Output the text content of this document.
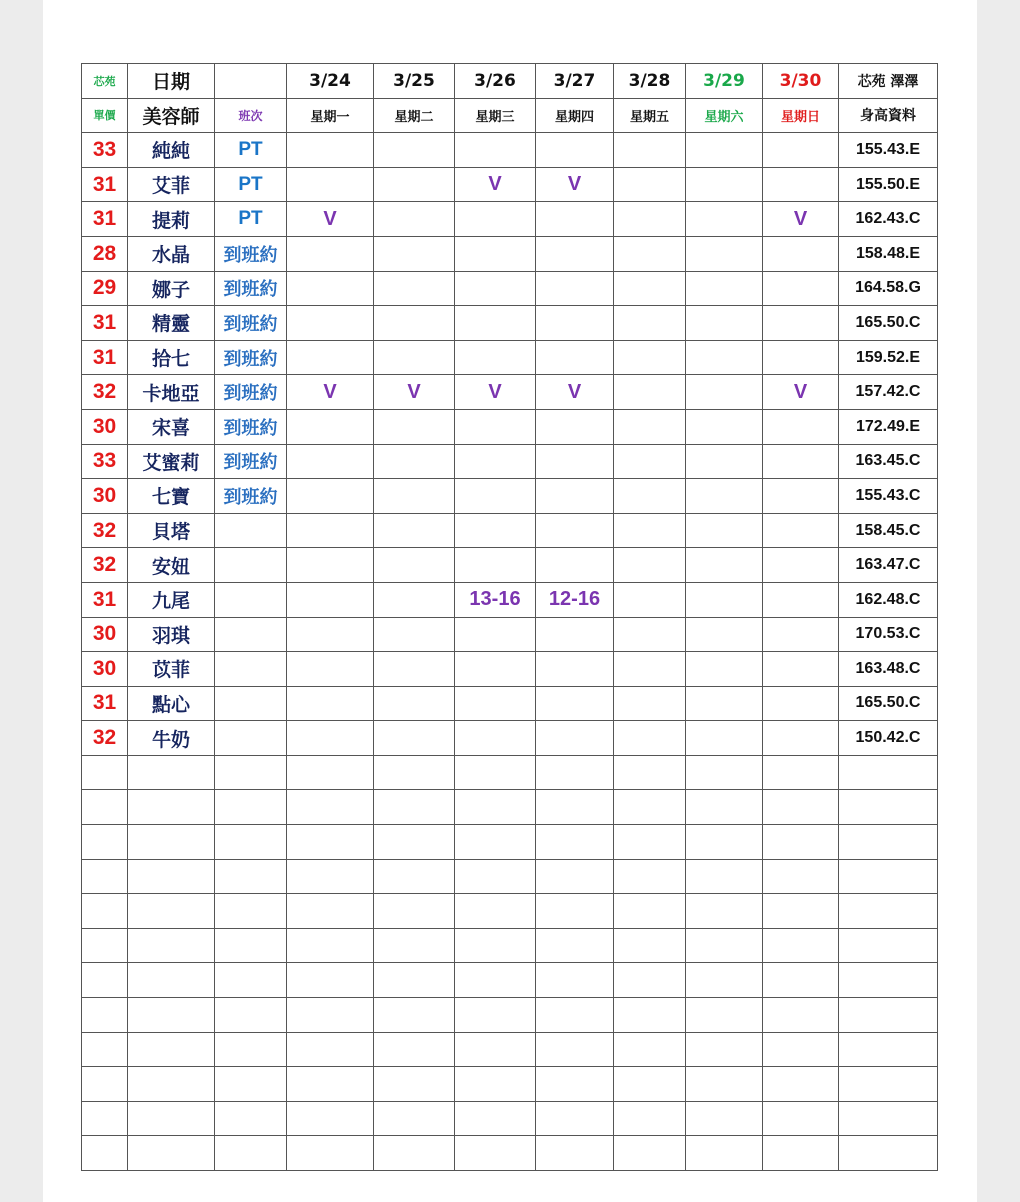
芯苑	日期		3/24	3/25	3/26	3/27	3/28	3/29	3/30	芯苑 澤澤
單價	美容師	班次	星期一	星期二	星期三	星期四	星期五	星期六	星期日	身高資料
33	純純	PT								155.43.E
31	艾菲	PT			V	V				155.50.E
31	提莉	PT	V						V	162.43.C
28	水晶	到班約								158.48.E
29	娜子	到班約								164.58.G
31	精靈	到班約								165.50.C
31	拾七	到班約								159.52.E
32	卡地亞	到班約	V	V	V	V			V	157.42.C
30	宋喜	到班約								172.49.E
33	艾蜜莉	到班約								163.45.C
30	七寶	到班約								155.43.C
32	貝塔									158.45.C
32	安妞									163.47.C
31	九尾				13-16	12-16				162.48.C
30	羽琪									170.53.C
30	苡菲									163.48.C
31	點心									165.50.C
32	牛奶									150.42.C
